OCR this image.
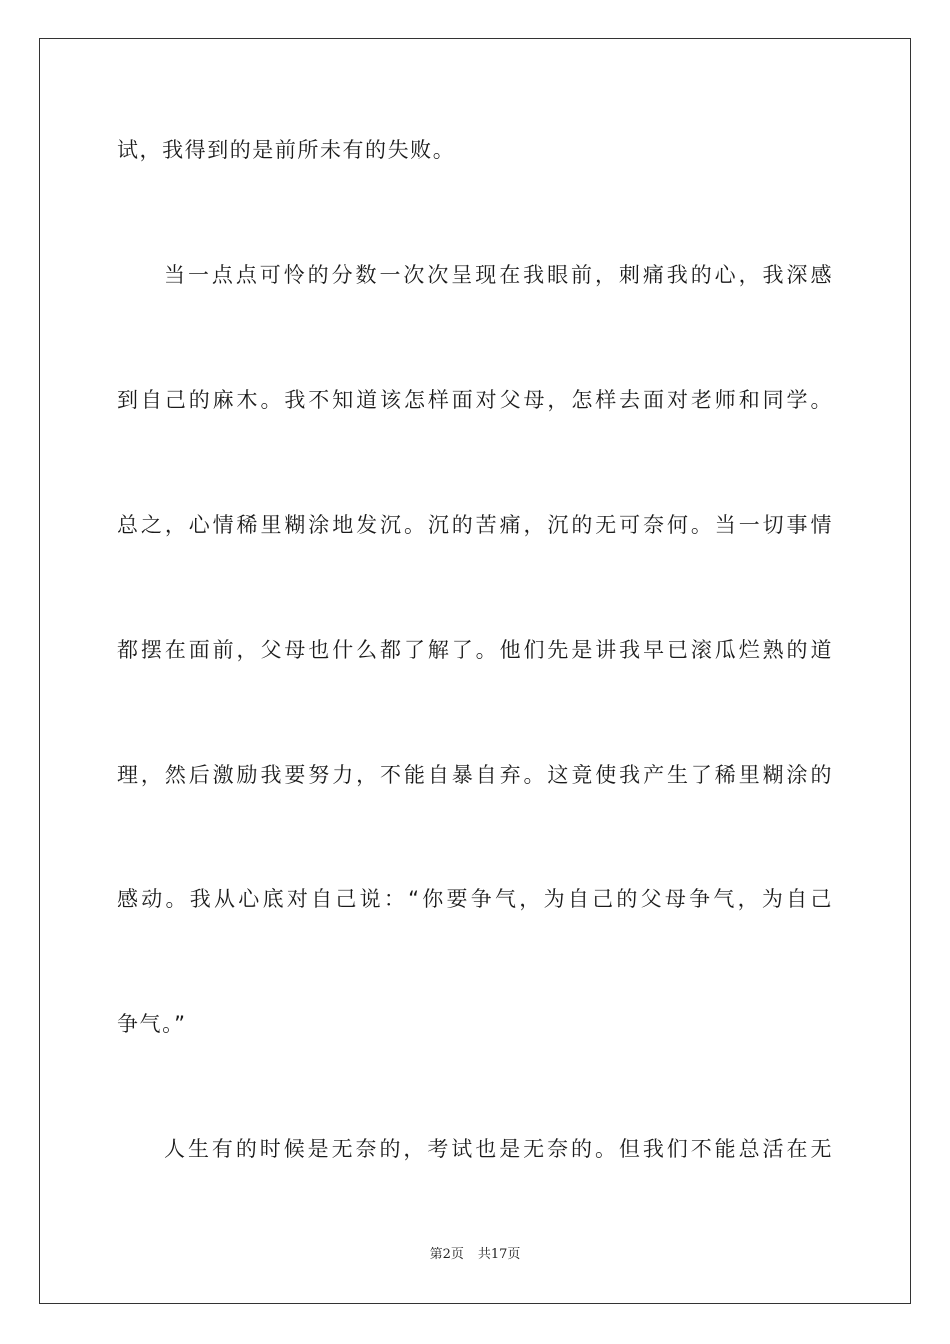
试，我得到的是前所未有的失败。
当一点点可怜的分数一次次呈现在我眼前，刺痛我的心，我深感
到自己的麻木。我不知道该怎样面对父母，怎样去面对老师和同学。
总之，心情稀里糊涂地发沉。沉的苦痛，沉的无可奈何。当一切事情
都摆在面前，父母也什么都了解了。他们先是讲我早已滚瓜烂熟的道
理，然后激励我要努力，不能自暴自弃。这竟使我产生了稀里糊涂的
感动。我从心底对自己说：“你要争气，为自己的父母争气，为自己
争气。”
人生有的时候是无奈的，考试也是无奈的。但我们不能总活在无
第2页 共17页
